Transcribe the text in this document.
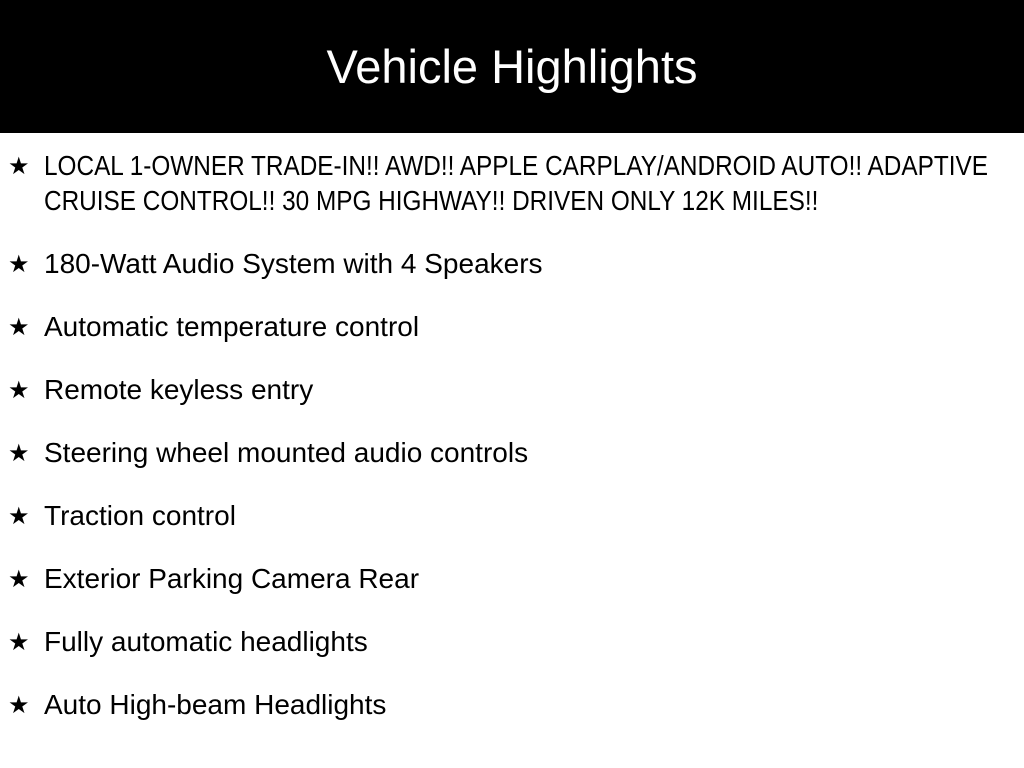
Vehicle Highlights
★ LOCAL 1-OWNER TRADE-IN!! AWD!! APPLE CARPLAY/ANDROID AUTO!! ADAPTIVE CRUISE CONTROL!! 30 MPG HIGHWAY!! DRIVEN ONLY 12K MILES!!
★ 180-Watt Audio System with 4 Speakers
★ Automatic temperature control
★ Remote keyless entry
★ Steering wheel mounted audio controls
★ Traction control
★ Exterior Parking Camera Rear
★ Fully automatic headlights
★ Auto High-beam Headlights
